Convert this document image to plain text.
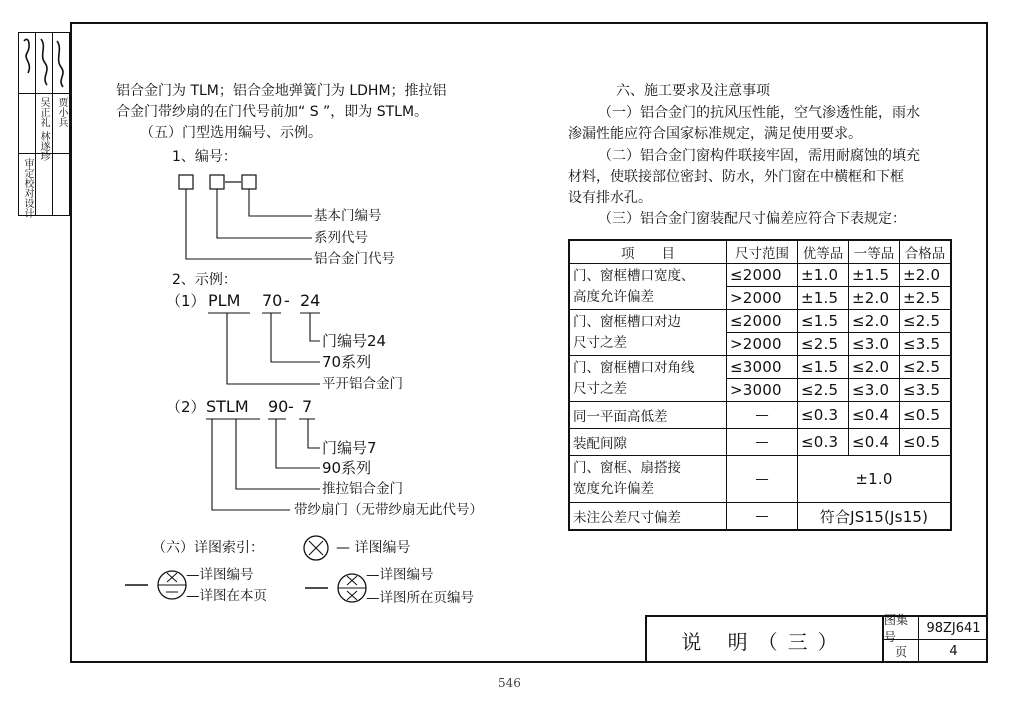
审定
校对
设计
吴正礼
林遂珍
贾小兵
铝合金门为 TLM；铝合金地弹簧门为 LDHM；推拉铝
合金门带纱扇的在门代号前加“ S ”，即为 STLM。
（五）门型选用编号、示例。
1、编号：
基本门编号
系列代号
铝合金门代号
2、示例：
（1） PLM 70 - 24
门编号24
70系列
平开铝合金门
（2） STLM 90 - 7
门编号7
90系列
推拉铝合金门
带纱扇门（无带纱扇无此代号）
（六）详图索引：	— 详图编号
—详图编号
—详图在本页
—详图编号
—详图所在页编号
六、施工要求及注意事项
（一）铝合金门的抗风压性能，空气渗透性能，雨水
渗漏性能应符合国家标准规定，满足使用要求。
（二）铝合金门窗构件联接牢固，需用耐腐蚀的填充
材料，使联接部位密封、防水，外门窗在中横框和下框
设有排水孔。
（三）铝合金门窗装配尺寸偏差应符合下表规定：
项　　目	尺寸范围	优等品	一等品	合格品

门、窗框槽口宽度、
高度允许偏差	≤2000	±1.0	±1.5	±2.0
	>2000	±1.5	±2.0	±2.5

门、窗框槽口对边
尺寸之差	≤2000	≤1.5	≤2.0	≤2.5
	>2000	≤2.5	≤3.0	≤3.5

门、窗框槽口对角线
尺寸之差	≤3000	≤1.5	≤2.0	≤2.5
	>3000	≤2.5	≤3.0	≤3.5
同一平面高低差	—	≤0.3	≤0.4	≤0.5
装配间隙	—	≤0.3	≤0.4	≤0.5

门、窗框、扇搭接
宽度允许偏差	—	±1.0		
未注公差尺寸偏差	—	符合JS15(Js15)		
说 明（三）
图集号
98ZJ641
页	4
546
